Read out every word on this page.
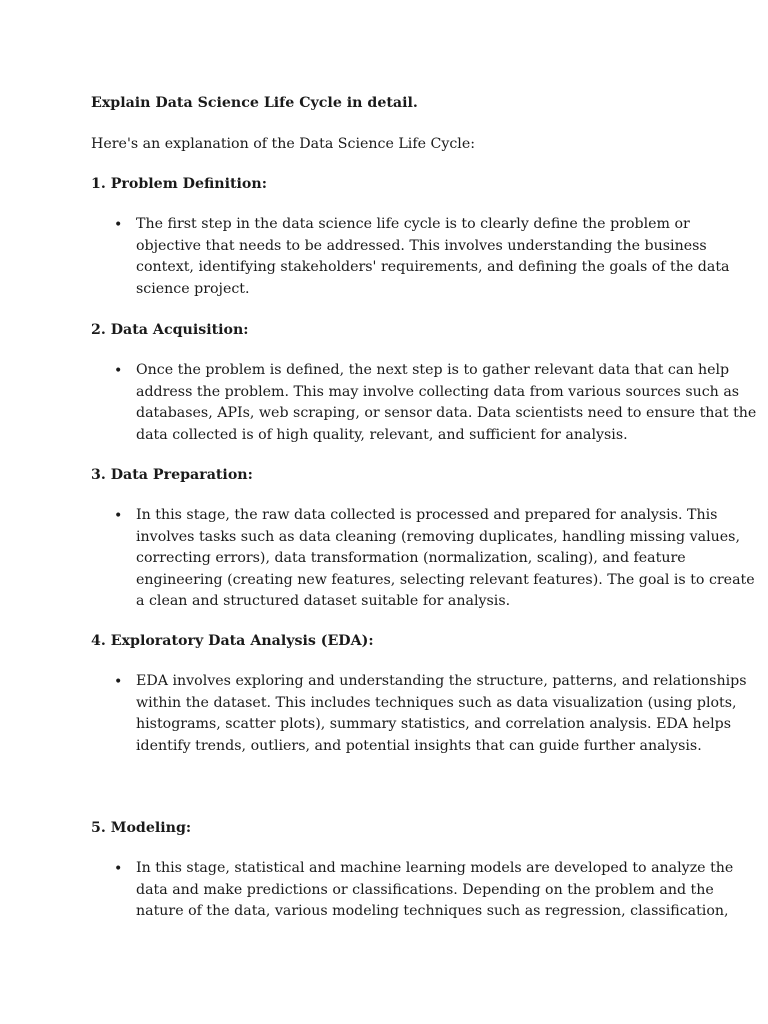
Explain Data Science Life Cycle in detail.
Here's an explanation of the Data Science Life Cycle:
1. Problem Definition:
• The first step in the data science life cycle is to clearly define the problem or
objective that needs to be addressed. This involves understanding the business
context, identifying stakeholders' requirements, and defining the goals of the data
science project.
2. Data Acquisition:
• Once the problem is defined, the next step is to gather relevant data that can help
address the problem. This may involve collecting data from various sources such as
databases, APIs, web scraping, or sensor data. Data scientists need to ensure that the
data collected is of high quality, relevant, and sufficient for analysis.
3. Data Preparation:
• In this stage, the raw data collected is processed and prepared for analysis. This
involves tasks such as data cleaning (removing duplicates, handling missing values,
correcting errors), data transformation (normalization, scaling), and feature
engineering (creating new features, selecting relevant features). The goal is to create
a clean and structured dataset suitable for analysis.
4. Exploratory Data Analysis (EDA):
• EDA involves exploring and understanding the structure, patterns, and relationships
within the dataset. This includes techniques such as data visualization (using plots,
histograms, scatter plots), summary statistics, and correlation analysis. EDA helps
identify trends, outliers, and potential insights that can guide further analysis.
5. Modeling:
• In this stage, statistical and machine learning models are developed to analyze the
data and make predictions or classifications. Depending on the problem and the
nature of the data, various modeling techniques such as regression, classification,
